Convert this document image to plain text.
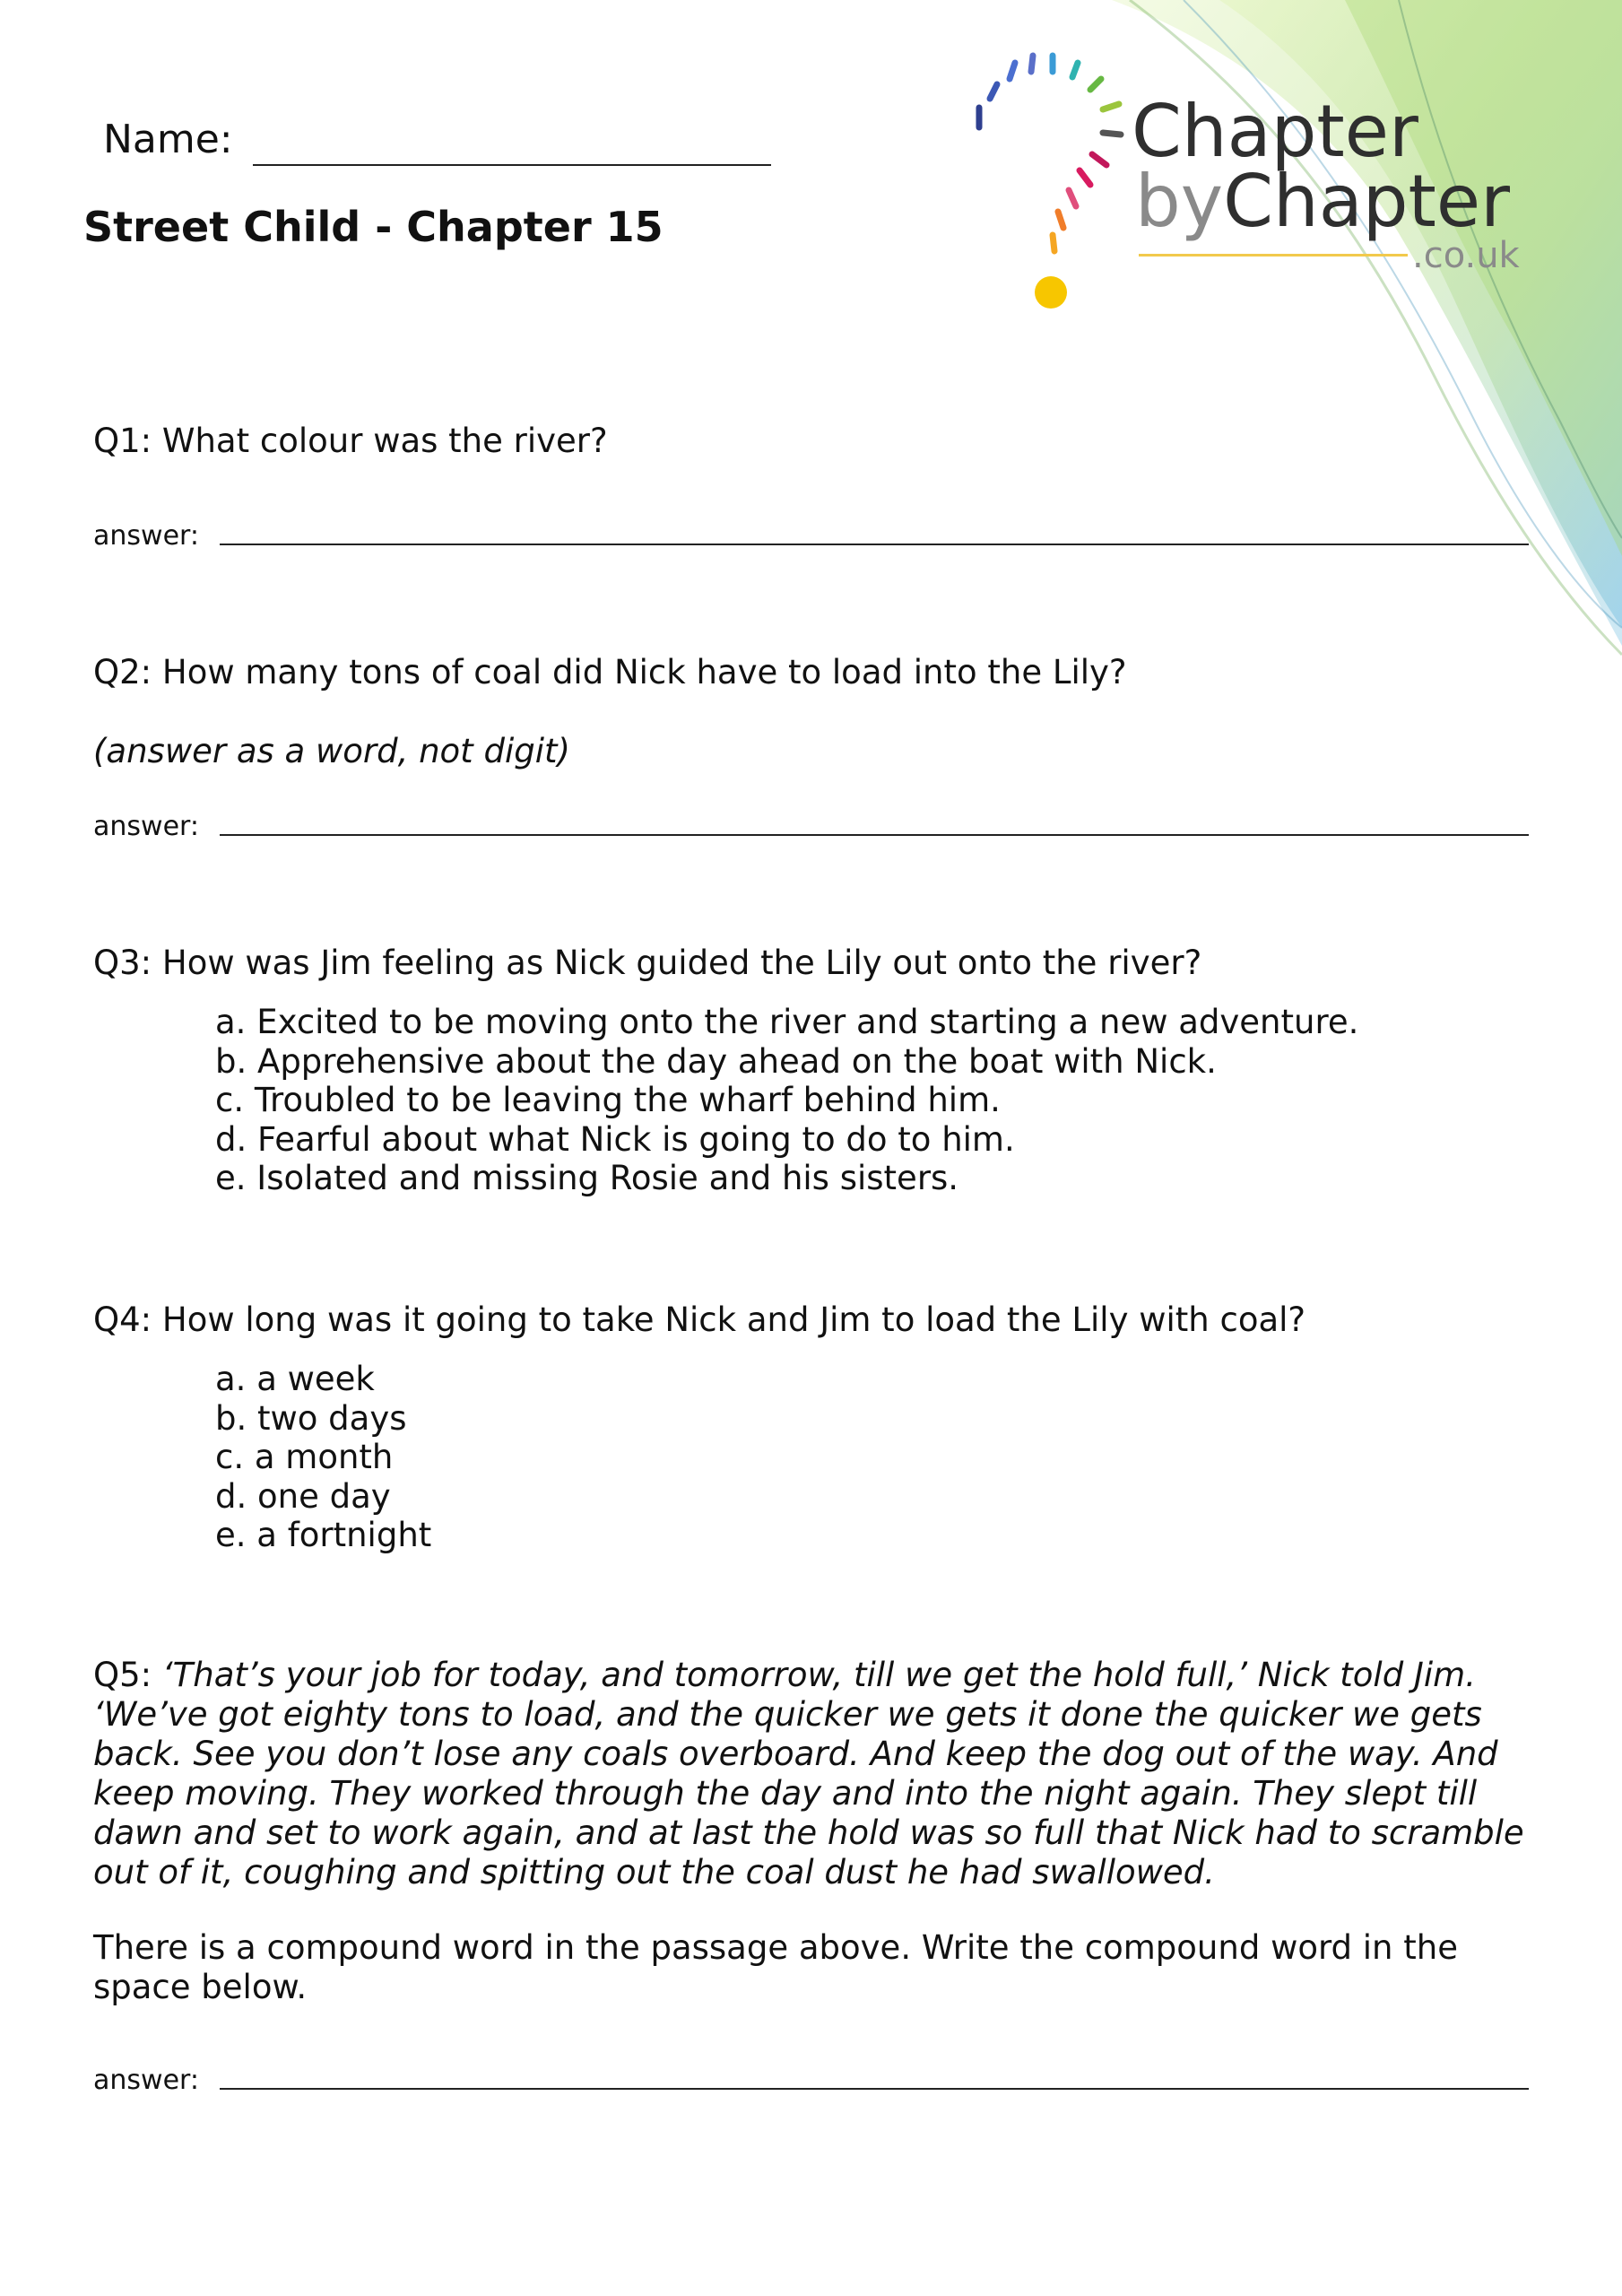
Name:
Street Child - Chapter 15
Chapter
byChapter
.co.uk
Q1: What colour was the river?
answer:
Q2: How many tons of coal did Nick have to load into the Lily?
(answer as a word, not digit)
answer:
Q3: How was Jim feeling as Nick guided the Lily out onto the river?
a. Excited to be moving onto the river and starting a new adventure.
b. Apprehensive about the day ahead on the boat with Nick.
c. Troubled to be leaving the wharf behind him.
d. Fearful about what Nick is going to do to him.
e. Isolated and missing Rosie and his sisters.
Q4: How long was it going to take Nick and Jim to load the Lily with coal?
a. a week
b. two days
c. a month
d. one day
e. a fortnight
Q5: ‘That’s your job for today, and tomorrow, till we get the hold full,’ Nick told Jim. ‘We’ve got eighty tons to load, and the quicker we gets it done the quicker we gets back. See you don’t lose any coals overboard. And keep the dog out of the way. And keep moving. They worked through the day and into the night again. They slept till dawn and set to work again, and at last the hold was so full that Nick had to scramble out of it, coughing and spitting out the coal dust he had swallowed.
There is a compound word in the passage above. Write the compound word in the space below.
answer:
